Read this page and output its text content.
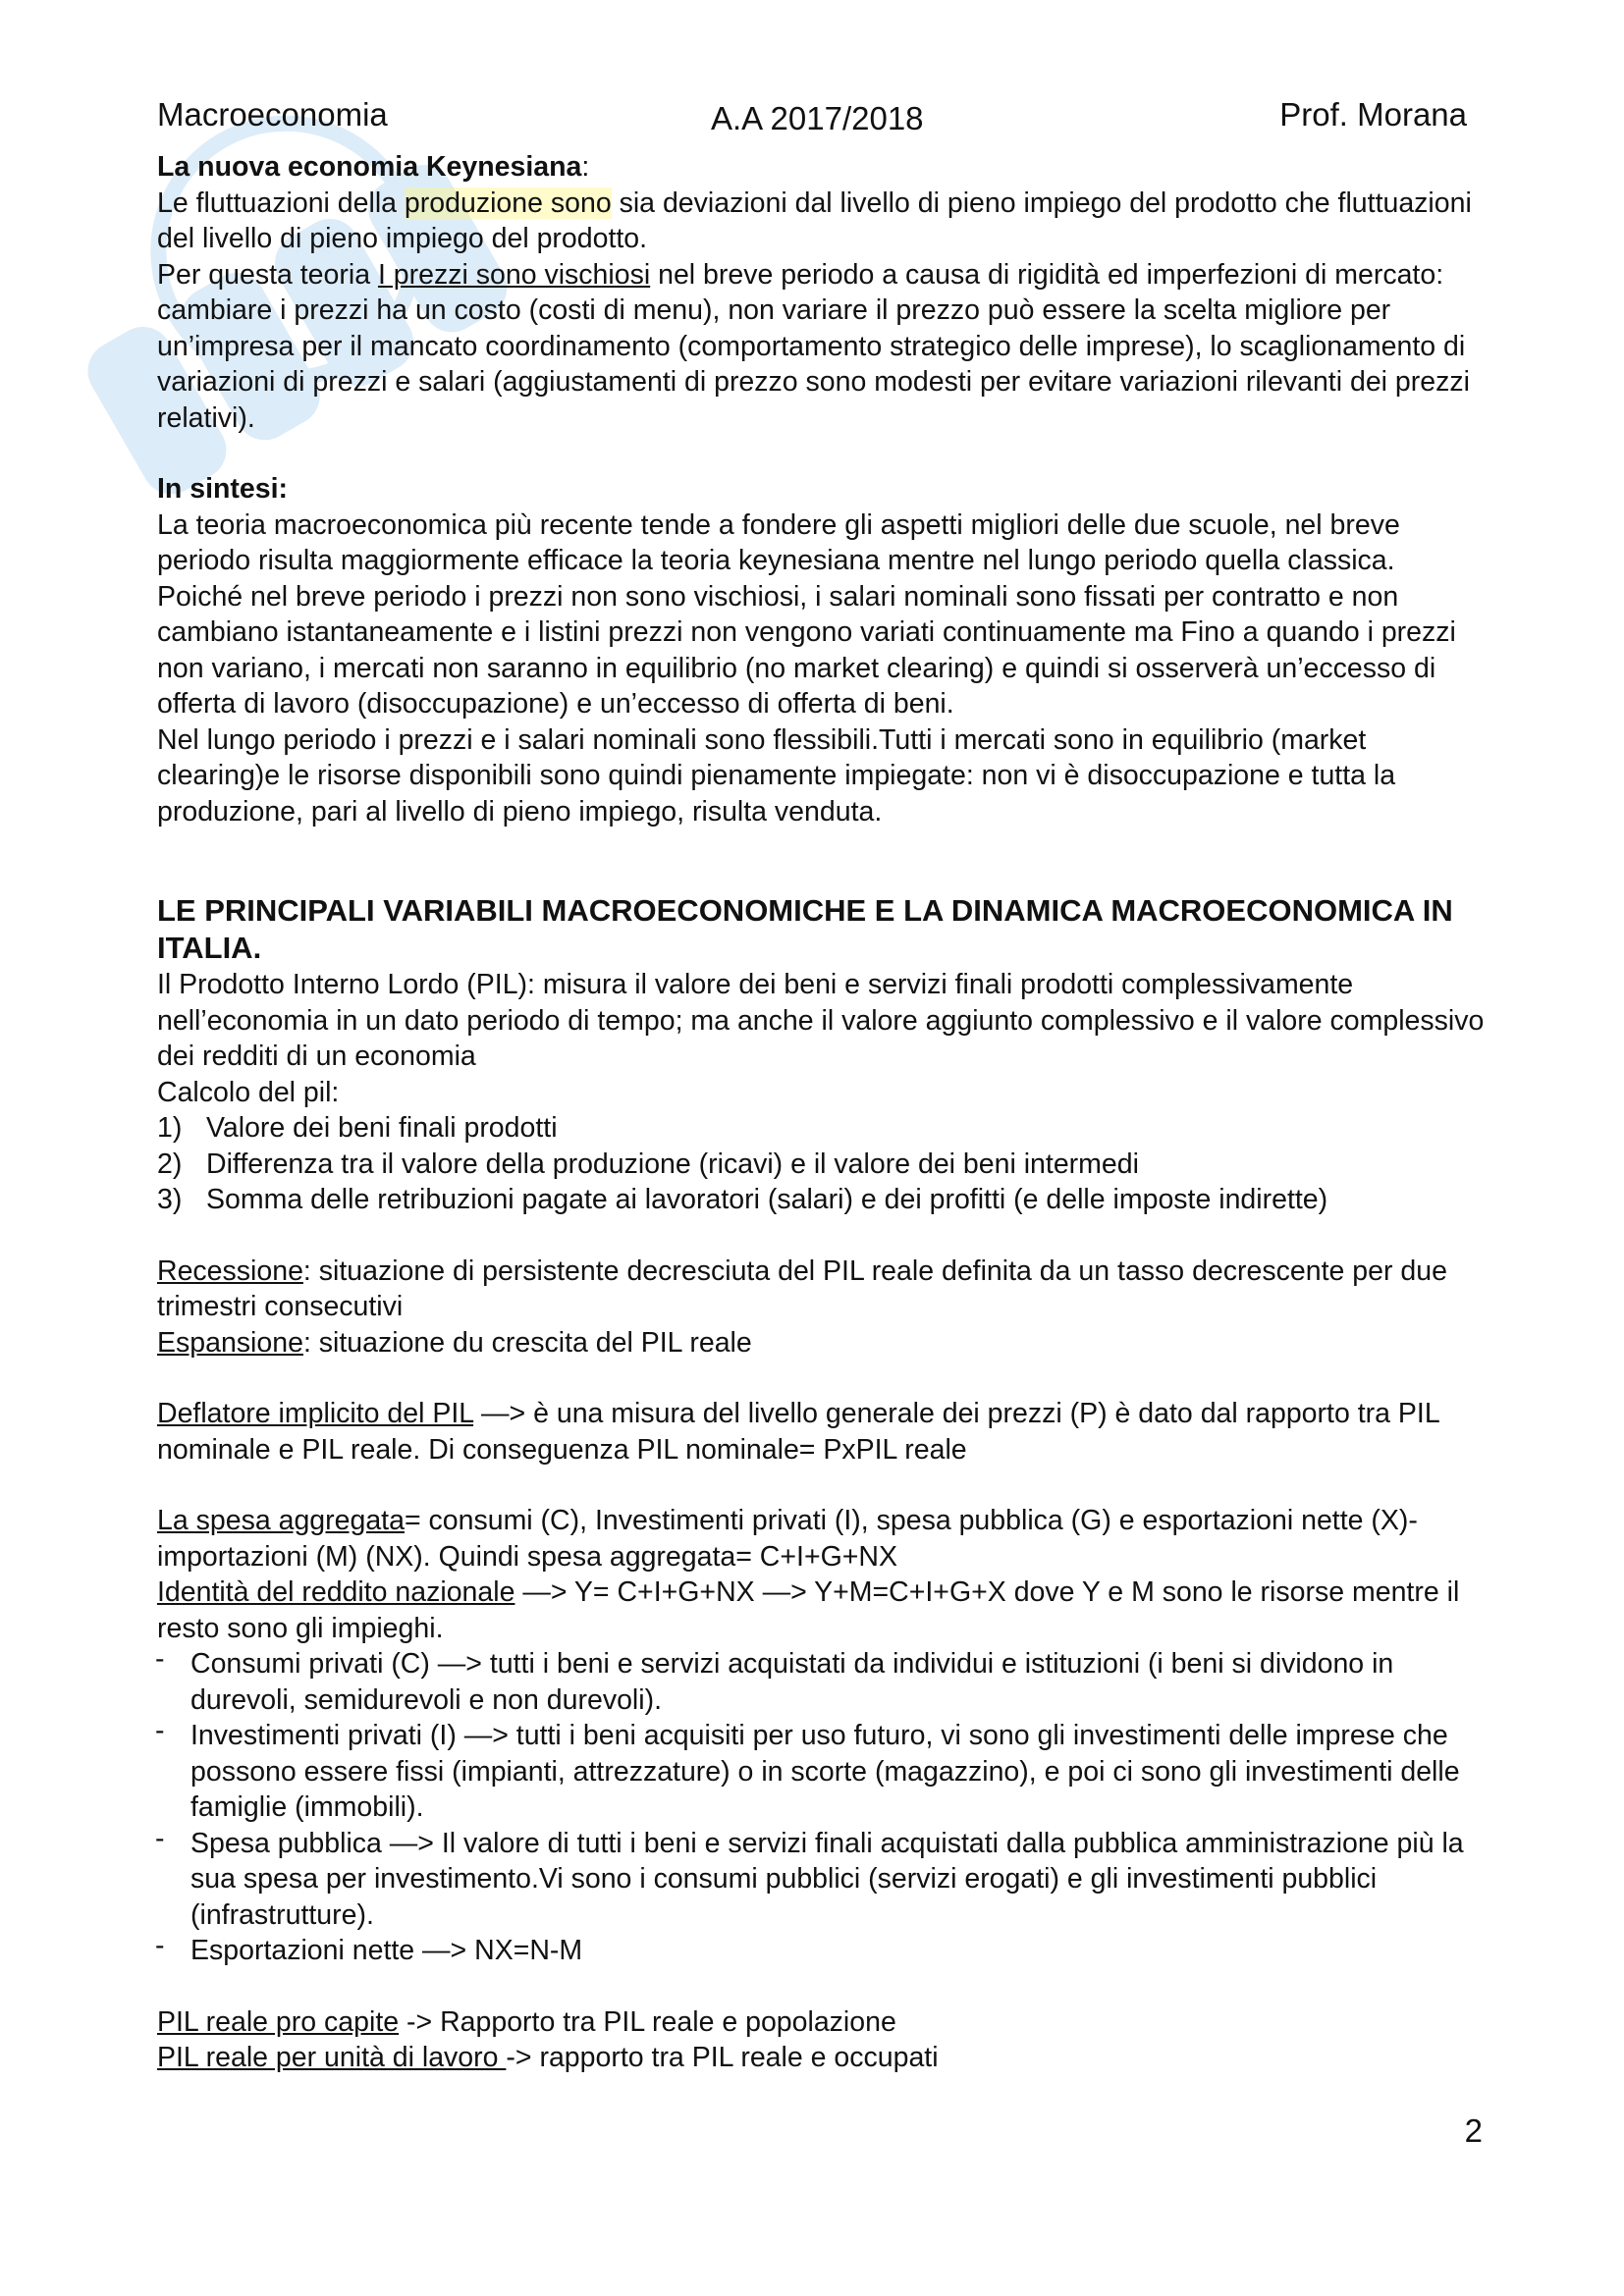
Macroeconomia	A.A 2017/2018	Prof. Morana

La nuova economia Keynesiana:

Le fluttuazioni della produzione sono sia deviazioni dal livello di pieno impiego del prodotto che fluttuazioni del livello di pieno impiego del prodotto.

Per questa teoria I prezzi sono vischiosi nel breve periodo a causa di rigidità ed imperfezioni di mercato: cambiare i prezzi ha un costo (costi di menu), non variare il prezzo può essere la scelta migliore per un’impresa per il mancato coordinamento (comportamento strategico delle imprese), lo scaglionamento di variazioni di prezzi e salari (aggiustamenti di prezzo sono modesti per evitare variazioni rilevanti dei prezzi relativi).

In sintesi:

La teoria macroeconomica più recente tende a fondere gli aspetti migliori delle due scuole, nel breve periodo risulta maggiormente efficace la teoria keynesiana mentre nel lungo periodo quella classica.

Poiché nel breve periodo i prezzi non sono vischiosi, i salari nominali sono fissati per contratto e non cambiano istantaneamente e i listini prezzi non vengono variati continuamente ma Fino a quando i prezzi non variano, i mercati non saranno in equilibrio (no market clearing) e quindi si osserverà un’eccesso di offerta di lavoro (disoccupazione) e un’eccesso di offerta di beni.

Nel lungo periodo i prezzi e i salari nominali sono flessibili.Tutti i mercati sono in equilibrio (market clearing)e le risorse disponibili sono quindi pienamente impiegate: non vi è disoccupazione e tutta la produzione, pari al livello di pieno impiego, risulta venduta.

LE PRINCIPALI VARIABILI MACROECONOMICHE E LA DINAMICA MACROECONOMICA IN ITALIA.

Il Prodotto Interno Lordo (PIL): misura il valore dei beni e servizi finali prodotti complessivamente nell’economia in un dato periodo di tempo; ma anche il valore aggiunto complessivo e il valore complessivo dei redditi di un economia

Calcolo del pil:

1) Valore dei beni finali prodotti
2) Differenza tra il valore della produzione (ricavi) e il valore dei beni intermedi
3) Somma delle retribuzioni pagate ai lavoratori (salari) e dei profitti (e delle imposte indirette)

Recessione: situazione di persistente decresciuta del PIL reale definita da un tasso decrescente per due trimestri consecutivi

Espansione: situazione du crescita del PIL reale

Deflatore implicito del PIL —> è una misura del livello generale dei prezzi (P) è dato dal rapporto tra PIL nominale e PIL reale. Di conseguenza PIL nominale= PxPIL reale

La spesa aggregata= consumi (C), Investimenti privati (I), spesa pubblica (G) e esportazioni nette (X)- importazioni (M) (NX). Quindi spesa aggregata= C+I+G+NX

Identità del reddito nazionale —> Y= C+I+G+NX —> Y+M=C+I+G+X dove Y e M sono le risorse mentre il resto sono gli impieghi.

- Consumi privati (C) —> tutti i beni e servizi acquistati da individui e istituzioni (i beni si dividono in durevoli, semidurevoli e non durevoli).
- Investimenti privati (I) —> tutti i beni acquisiti per uso futuro, vi sono gli investimenti delle imprese che possono essere fissi (impianti, attrezzature) o in scorte (magazzino), e poi ci sono gli investimenti delle famiglie (immobili).
- Spesa pubblica —> Il valore di tutti i beni e servizi finali acquistati dalla pubblica amministrazione più la sua spesa per investimento.Vi sono i consumi pubblici (servizi erogati) e gli investimenti pubblici (infrastrutture).
- Esportazioni nette —> NX=N-M

PIL reale pro capite -> Rapporto tra PIL reale e popolazione

PIL reale per unità di lavoro -> rapporto tra PIL reale e occupati

2
